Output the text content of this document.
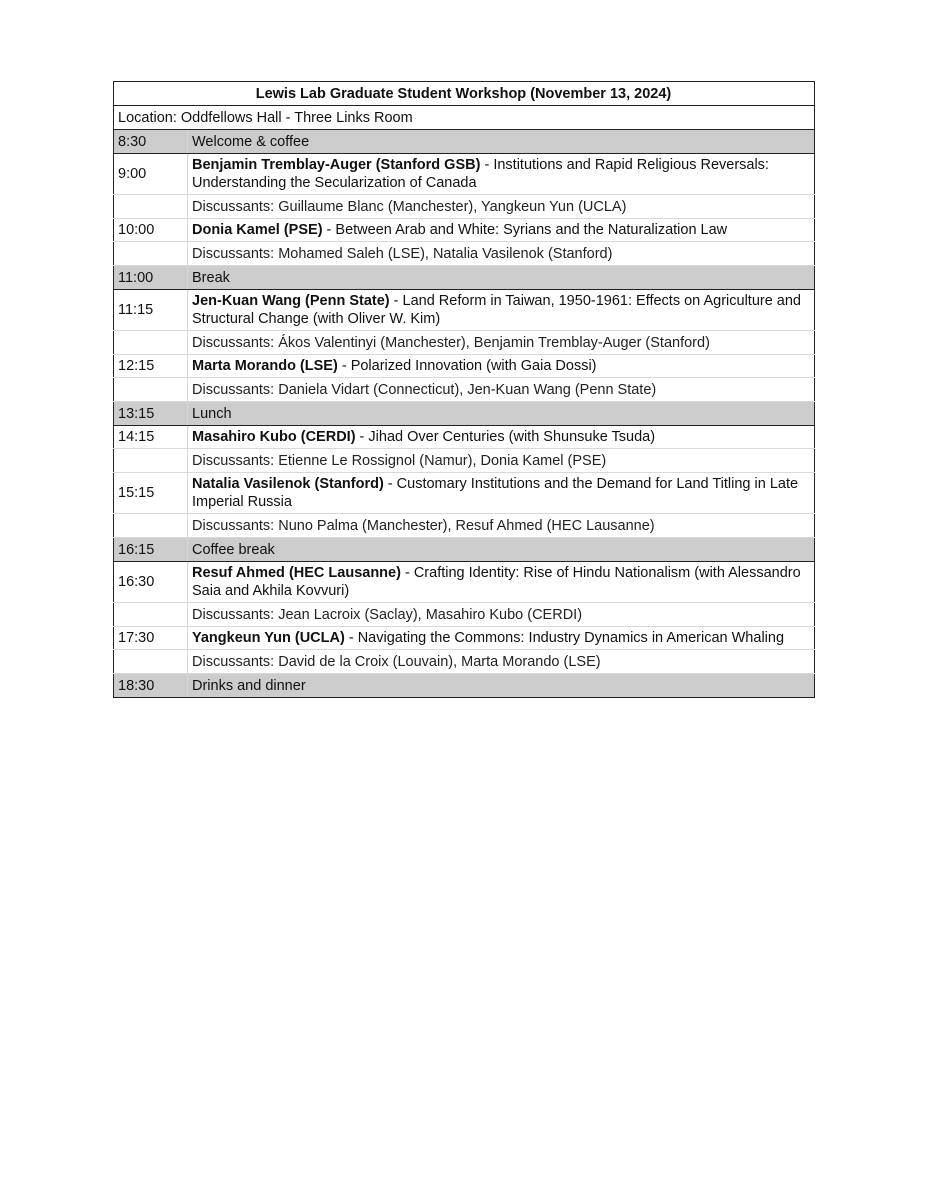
Lewis Lab Graduate Student Workshop (November 13, 2024)	
Location: Oddfellows Hall - Three Links Room	
8:30	Welcome & coffee
9:00	Benjamin Tremblay-Auger (Stanford GSB) - Institutions and Rapid Religious Reversals: Understanding the Secularization of Canada
	Discussants: Guillaume Blanc (Manchester), Yangkeun Yun (UCLA)
10:00	Donia Kamel (PSE) - Between Arab and White: Syrians and the Naturalization Law
	Discussants: Mohamed Saleh (LSE), Natalia Vasilenok (Stanford)
11:00	Break
11:15	Jen-Kuan Wang (Penn State) - Land Reform in Taiwan, 1950-1961: Effects on Agriculture and Structural Change (with Oliver W. Kim)
	Discussants: Ákos Valentinyi (Manchester), Benjamin Tremblay-Auger (Stanford)
12:15	Marta Morando (LSE) - Polarized Innovation (with Gaia Dossi)
	Discussants: Daniela Vidart (Connecticut), Jen-Kuan Wang (Penn State)
13:15	Lunch
14:15	Masahiro Kubo (CERDI) - Jihad Over Centuries (with Shunsuke Tsuda)
	Discussants: Etienne Le Rossignol (Namur), Donia Kamel (PSE)
15:15	Natalia Vasilenok (Stanford) - Customary Institutions and the Demand for Land Titling in Late Imperial Russia
	Discussants: Nuno Palma (Manchester), Resuf Ahmed (HEC Lausanne)
16:15	Coffee break
16:30	Resuf Ahmed (HEC Lausanne) - Crafting Identity: Rise of Hindu Nationalism (with Alessandro Saia and Akhila Kovvuri)
	Discussants: Jean Lacroix (Saclay), Masahiro Kubo (CERDI)
17:30	Yangkeun Yun (UCLA) - Navigating the Commons: Industry Dynamics in American Whaling
	Discussants: David de la Croix (Louvain), Marta Morando (LSE)
18:30	Drinks and dinner
